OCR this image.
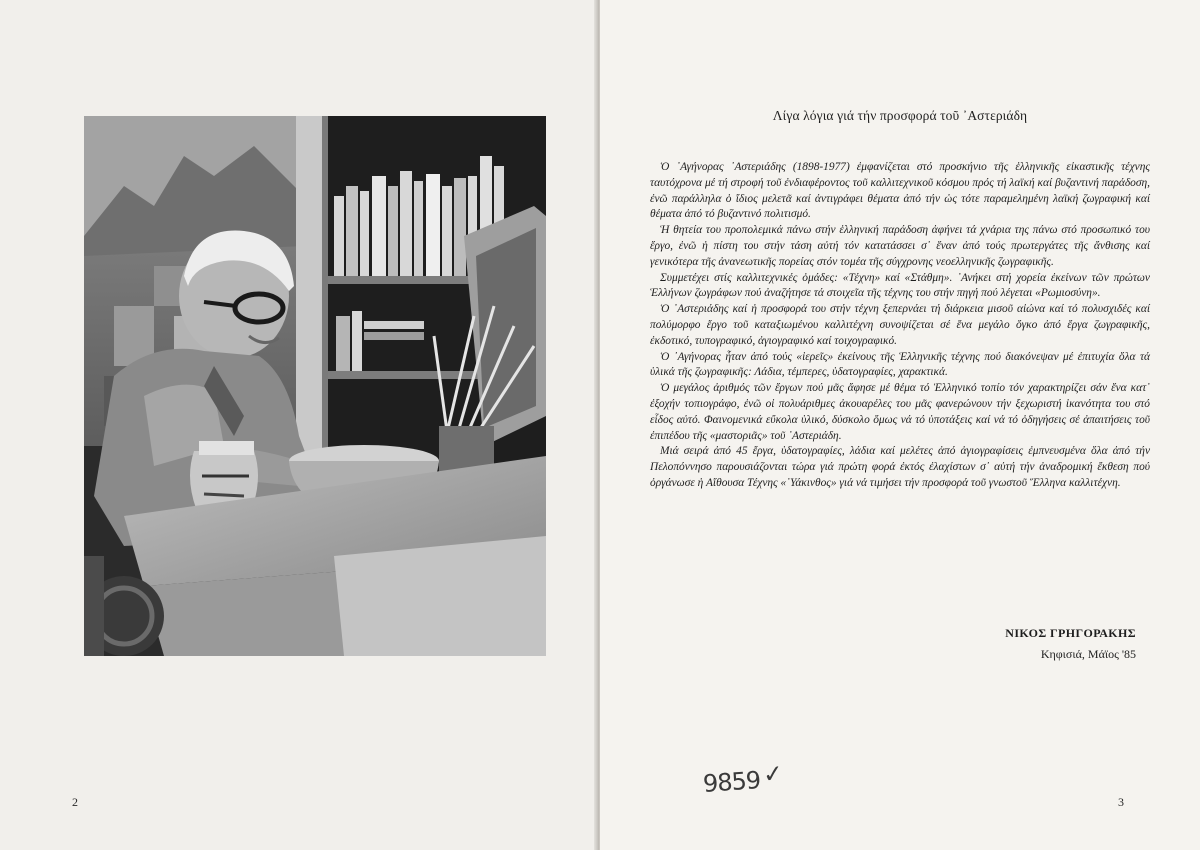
2
Λίγα λόγια γιά τήν προσφορά τοῦ ᾿Αστεριάδη

Ὁ ᾿Αγήνορας ᾿Αστεριάδης (1898-1977) ἐμφανίζεται στό προσκήνιο τῆς ἑλληνικῆς εἰκαστικῆς τέχνης ταυτόχρονα μέ τή στροφή τοῦ ἐνδιαφέροντος τοῦ καλλιτεχνικοῦ κόσμου πρός τή λαϊκή καί βυζαντινή παράδοση, ἐνῶ παράλληλα ὁ ἴδιος μελετᾶ καί ἀντιγράφει θέματα ἀπό τήν ὡς τότε παραμελημένη λαϊκή ζωγραφική καί θέματα ἀπό τό βυζαντινό πολιτισμό.

Ἡ θητεία του προπολεμικά πάνω στήν ἑλληνική παράδοση ἀφήνει τά χνάρια της πάνω στό προσωπικό του ἔργο, ἐνῶ ἡ πίστη του στήν τάση αὐτή τόν κατατάσσει σ᾿ ἕναν ἀπό τούς πρωτεργάτες τῆς ἄνθισης καί γενικότερα τῆς ἀνανεωτικῆς πορείας στόν τομέα τῆς σύγχρονης νεοελληνικῆς ζωγραφικῆς.

Συμμετέχει στίς καλλιτεχνικές ὁμάδες: «Τέχνη» καί «Στάθμη». ᾿Ανήκει στή χορεία ἐκείνων τῶν πρώτων Ἑλλήνων ζωγράφων πού ἀναζήτησε τά στοιχεῖα τῆς τέχνης του στήν πηγή πού λέγεται «Ρωμιοσύνη».

Ὁ ᾿Αστεριάδης καί ἡ προσφορά του στήν τέχνη ξεπερνάει τή διάρκεια μισοῦ αἰώνα καί τό πολυσχιδές καί πολύμορφο ἔργο τοῦ καταξιωμένου καλλιτέχνη συνοψίζεται σέ ἕνα μεγάλο ὄγκο ἀπό ἔργα ζωγραφικῆς, ἐκδοτικό, τυπογραφικό, ἁγιογραφικό καί τοιχογραφικό.

Ὁ ᾿Αγήνορας ἦταν ἀπό τούς «ἱερεῖς» ἐκείνους τῆς Ἑλληνικῆς τέχνης πού διακόνεψαν μέ ἐπιτυχία ὅλα τά ὑλικά τῆς ζωγραφικῆς: Λάδια, τέμπερες, ὑδατογραφίες, χαρακτικά.

Ὁ μεγάλος ἀριθμός τῶν ἔργων πού μᾶς ἄφησε μέ θέμα τό Ἑλληνικό τοπίο τόν χαρακτηρίζει σάν ἕνα κατ᾿ ἐξοχήν τοπιογράφο, ἐνῶ οἱ πολυάριθμες ἀκουαρέλες του μᾶς φανερώνουν τήν ξεχωριστή ἱκανότητα του στό εἶδος αὐτό. Φαινομενικά εὔκολα ὑλικό, δύσκολο ὅμως νά τό ὑποτάξεις καί νά τό ὁδηγήσεις σέ ἀπαιτήσεις τοῦ ἐπιπέδου τῆς «μαστοριᾶς» τοῦ ᾿Αστεριάδη.

Μιά σειρά ἀπό 45 ἔργα, ὑδατογραφίες, λάδια καί μελέτες ἀπό ἁγιογραφίσεις ἐμπνευσμένα ὅλα ἀπό τήν Πελοπόννησο παρουσιάζονται τώρα γιά πρώτη φορά ἐκτός ἐλαχίστων σ᾿ αὐτή τήν ἀναδρομική ἔκθεση πού ὀργάνωσε ἡ Αἴθουσα Τέχνης «᾿Υάκινθος» γιά νά τιμήσει τήν προσφορά τοῦ γνωστοῦ Ἕλληνα καλλιτέχνη.

ΝΙΚΟΣ ΓΡΗΓΟΡΑΚΗΣ
Κηφισιά, Μάϊος '85
9859 ✓
3
